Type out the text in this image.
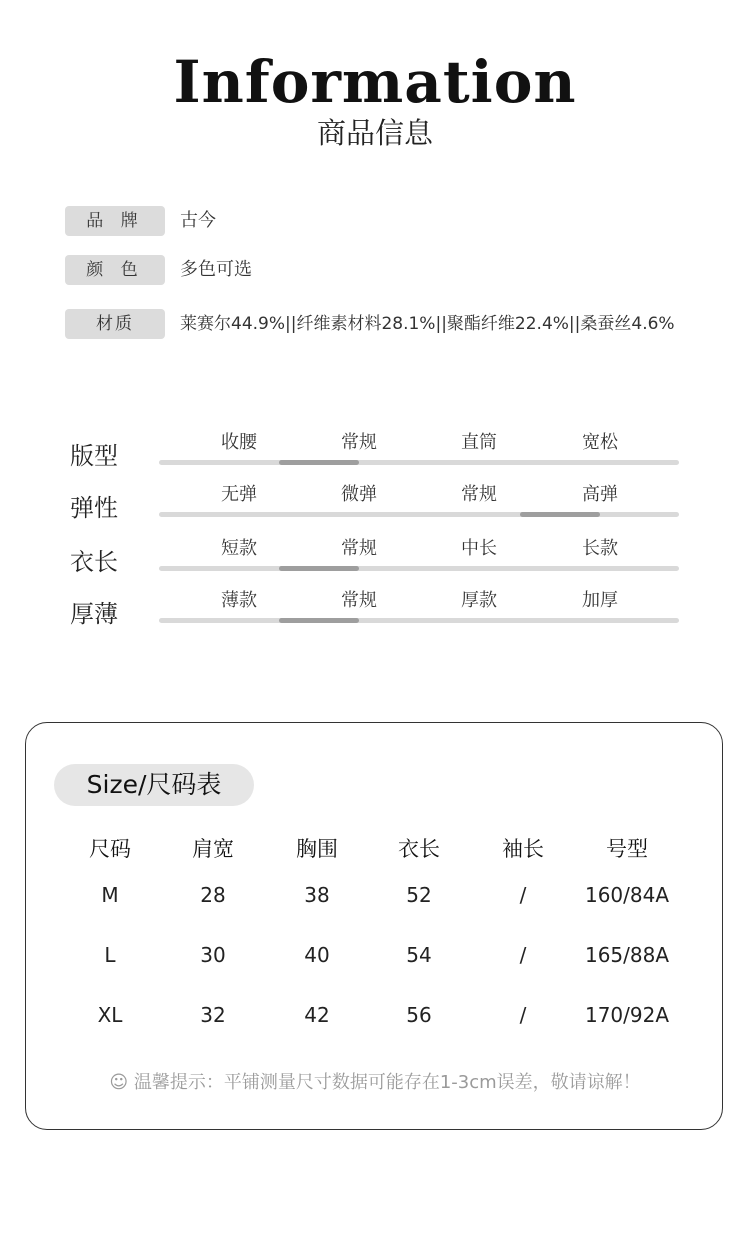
Information
商品信息
品 牌	古今
颜 色	多色可选
材质	莱赛尔44.9%||纤维素材料28.1%||聚酯纤维22.4%||桑蚕丝4.6%
版型	收腰	常规	直筒	宽松
弹性	无弹	微弹	常规	高弹
衣长	短款	常规	中长	长款
厚薄	薄款	常规	厚款	加厚
Size/尺码表
尺码	肩宽	胸围	衣长	袖长	号型
M	28	38	52	/	160/84A
L	30	40	54	/	165/88A
XL	32	42	56	/	170/92A
☺ 温馨提示：平铺测量尺寸数据可能存在1-3cm误差，敬请谅解！
